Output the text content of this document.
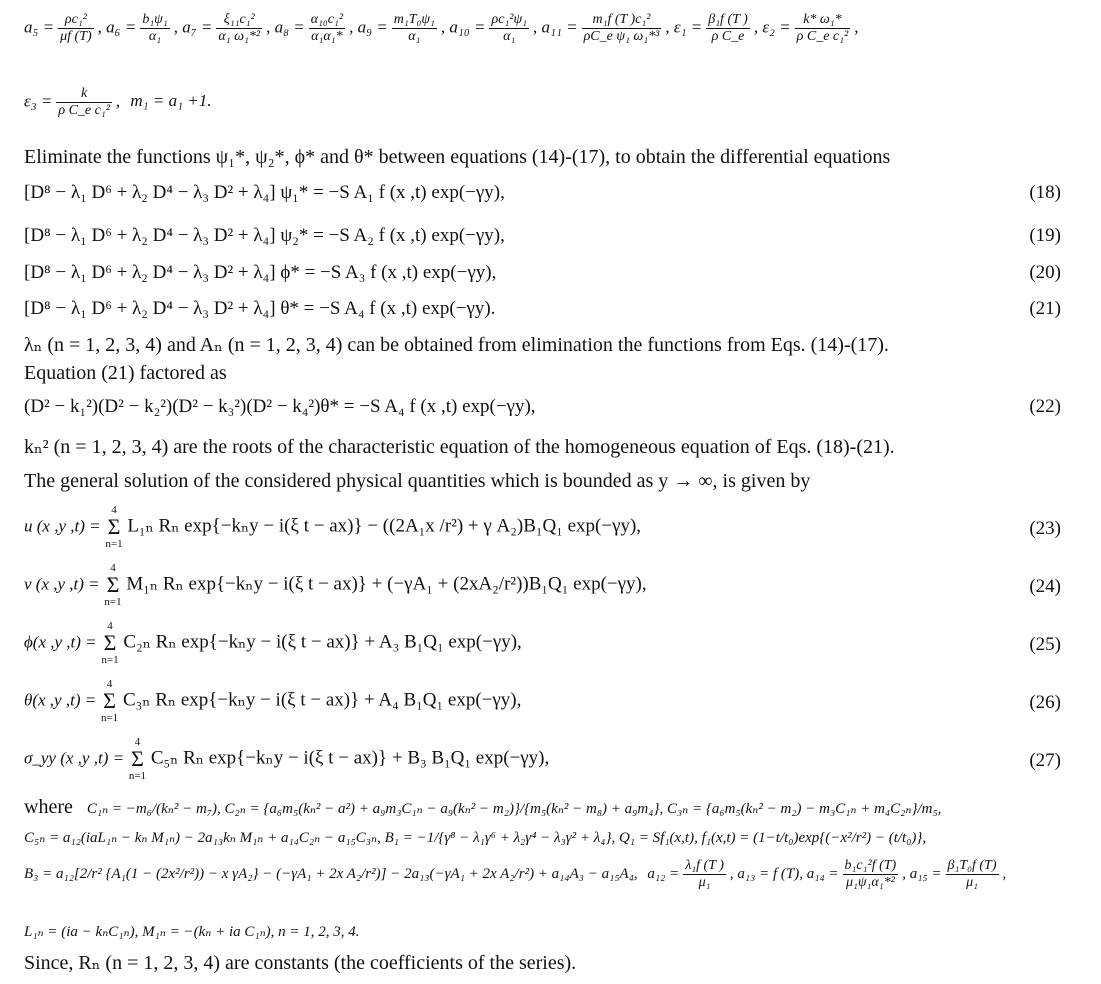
$a_5 = \frac{\text{ρc₁²}}{\mu f (T)}$ , $a_6 = \frac{\text{b₁ψ₁}}{\text{α₁}}$ , $a_7 = \frac{\text{ξ₁₁c₁²}}{\text{α₁ ω₁*²}}$ , $a_8 = \frac{\text{α₁₀c₁²}}{\text{α₁α₁*}}$ , $a_9 = \frac{\text{m₁T₀ψ₁}}{\text{α₁}}$ , $a_{10} = \frac{\text{ρc₁²ψ₁}}{\text{α₁}}$ , $a_{11} = \frac{\text{m₁f (T )c₁²}}{\text{ρC\_e ψ₁ ω₁*³}}$ , $\varepsilon_1 = \frac{\text{β₁f (T )}}{\text{ρ C\_e}}$ , $\varepsilon_2 = \frac{\text{k* ω₁*}}{\text{ρ C\_e c₁²}}$ ,
$\varepsilon_3 = \frac{k}{\text{ρ C\_e c₁²}}$ , m₁ = a₁ +1.
Eliminate the functions ψ₁*, ψ₂*, ϕ* and θ* between equations (14)-(17), to obtain the differential equations
[D⁸ − λ₁ D⁶ + λ₂ D⁴ − λ₃ D² + λ₄] ψ₁* = −S A₁ f (x ,t) exp(−γy),	(18)
[D⁸ − λ₁ D⁶ + λ₂ D⁴ − λ₃ D² + λ₄] ψ₂* = −S A₂ f (x ,t) exp(−γy),	(19)
[D⁸ − λ₁ D⁶ + λ₂ D⁴ − λ₃ D² + λ₄] ϕ* = −S A₃ f (x ,t) exp(−γy),	(20)
[D⁸ − λ₁ D⁶ + λ₂ D⁴ − λ₃ D² + λ₄] θ* = −S A₄ f (x ,t) exp(−γy).	(21)
λₙ (n = 1, 2, 3, 4) and Aₙ (n = 1, 2, 3, 4) can be obtained from elimination the functions from Eqs. (14)-(17).
Equation (21) factored as
(D² − k₁²)(D² − k₂²)(D² − k₃²)(D² − k₄²)θ* = −S A₄ f (x ,t) exp(−γy),	(22)
kₙ² (n = 1, 2, 3, 4) are the roots of the characteristic equation of the homogeneous equation of Eqs. (18)-(21).
The general solution of the considered physical quantities which is bounded as y → ∞, is given by
u (x ,y ,t) =
4
Σ
n=1
L₁ₙ Rₙ exp{−kₙy − i(ξ t − ax)} − ((2A₁x /r²) + γ A₂)B₁Q₁ exp(−γy),	(23)
v (x ,y ,t) =
4
Σ
n=1
M₁ₙ Rₙ exp{−kₙy − i(ξ t − ax)} + (−γA₁ + (2xA₂/r²))B₁Q₁ exp(−γy),	(24)
ϕ(x ,y ,t) =
4
Σ
n=1
C₂ₙ Rₙ exp{−kₙy − i(ξ t − ax)} + A₃ B₁Q₁ exp(−γy),	(25)
θ(x ,y ,t) =
4
Σ
n=1
C₃ₙ Rₙ exp{−kₙy − i(ξ t − ax)} + A₄ B₁Q₁ exp(−γy),	(26)
σ_yy (x ,y ,t) =
4
Σ
n=1
C₅ₙ Rₙ exp{−kₙy − i(ξ t − ax)} + B₃ B₁Q₁ exp(−γy),	(27)
where C₁ₙ = −m₆/(kₙ² − m₇), C₂ₙ = {a₆m₅(kₙ² − a²) + a₉m₃C₁ₙ − a₉(kₙ² − m₂)}/{m₅(kₙ² − m₈) + a₉m₄}, C₃ₙ = {a₆m₅(kₙ² − m₂) − m₃C₁ₙ + m₄C₂ₙ}/m₅,
C₅ₙ = a₁₂(iaL₁ₙ − kₙ M₁ₙ) − 2a₁₃kₙ M₁ₙ + a₁₄C₂ₙ − a₁₅C₃ₙ, B₁ = −1/{γ⁸ − λ₁γ⁶ + λ₂γ⁴ − λ₃γ² + λ₄}, Q₁ = Sf₁(x,t), f₁(x,t) = (1−t/t₀)exp{(−x²/r²) − (t/t₀)},
B₃ = a₁₂[2/r² {A₁(1 − (2x²/r²)) − x γA₂} − (−γA₁ + 2x A₂/r²)] − 2a₁₃(−γA₁ + 2x A₂/r²) + a₁₄A₃ − a₁₅A₄, $a_{12} = \frac{\text{λ₁f (T )}}{\text{μ₁}}$ , a₁₃ = f (T), $a_{14} = \frac{\text{b₁c₁²f (T)}}{\text{μ₁ψ₁α₁*²}}$ , $a_{15} = \frac{\text{β₁T₀f (T)}}{\text{μ₁}}$ ,
L₁ₙ = (ia − kₙC₁ₙ), M₁ₙ = −(kₙ + ia C₁ₙ), n = 1, 2, 3, 4.
Since, Rₙ (n = 1, 2, 3, 4) are constants (the coefficients of the series).
